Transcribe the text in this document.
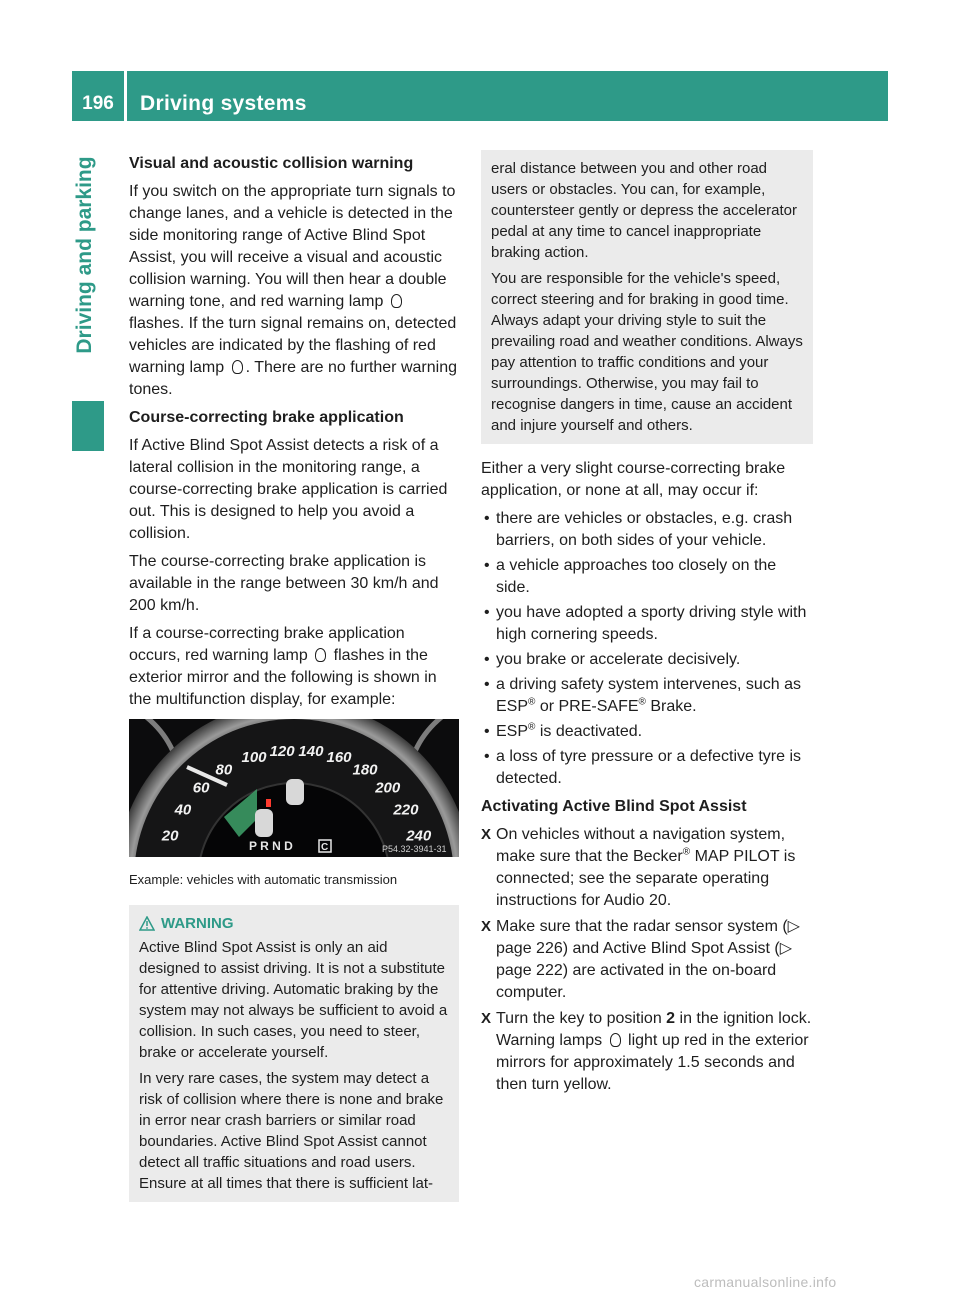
196	Driving systems
Driving and parking Visual and acoustic collision warning

If you switch on the appropriate turn signals to change lanes, and a vehicle is detected in the side monitoring range of Active Blind Spot Assist, you will receive a visual and acoustic collision warning. You will then hear a double warning tone, and red warning lamp  flashes. If the turn signal remains on, detected vehicles are indicated by the flashing of red warning lamp . There are no further warning tones.

Course-correcting brake application

If Active Blind Spot Assist detects a risk of a lateral collision in the monitoring range, a course-correcting brake application is carried out. This is designed to help you avoid a collision.

The course-correcting brake application is available in the range between 30 km/h and 200 km/h.

If a course-correcting brake application occurs, red warning lamp flashes in the exterior mirror and the following is shown in the multifunction display, for example:

20
40
60
80
100 120 140 160
180
200
220
240
P R N D	C	P54.32-3941-31

Example: vehicles with automatic transmission

WARNING

Active Blind Spot Assist is only an aid designed to assist driving. It is not a substitute for attentive driving. Automatic braking by the system may not always be sufficient to avoid a collision. In such cases, you need to steer, brake or accelerate yourself.

In very rare cases, the system may detect a risk of collision where there is none and brake in error near crash barriers or similar road boundaries. Active Blind Spot Assist cannot detect all traffic situations and road users. Ensure at all times that there is sufficient lat-

eral distance between you and other road users or obstacles. You can, for example, countersteer gently or depress the accelerator pedal at any time to cancel inappropriate braking action.

You are responsible for the vehicle's speed, correct steering and for braking in good time. Always adapt your driving style to suit the prevailing road and weather conditions. Always pay attention to traffic conditions and your surroundings. Otherwise, you may fail to recognise dangers in time, cause an accident and injure yourself and others.

Either a very slight course-correcting brake application, or none at all, may occur if:

• there are vehicles or obstacles, e.g. crash barriers, on both sides of your vehicle.
• a vehicle approaches too closely on the side.
• you have adopted a sporty driving style with high cornering speeds.
• you brake or accelerate decisively.
• a driving safety system intervenes, such as ESP® or PRE-SAFE® Brake.
• ESP® is deactivated.
• a loss of tyre pressure or a defective tyre is detected.

Activating Active Blind Spot Assist

X On vehicles without a navigation system, make sure that the Becker® MAP PILOT is connected; see the separate operating instructions for Audio 20.
X Make sure that the radar sensor system (▷ page 226) and Active Blind Spot Assist (▷ page 222) are activated in the on-board computer.
X Turn the key to position 2 in the ignition lock.
Warning lamps light up red in the exterior mirrors for approximately 1.5 seconds and then turn yellow.
carmanualsonline.info
